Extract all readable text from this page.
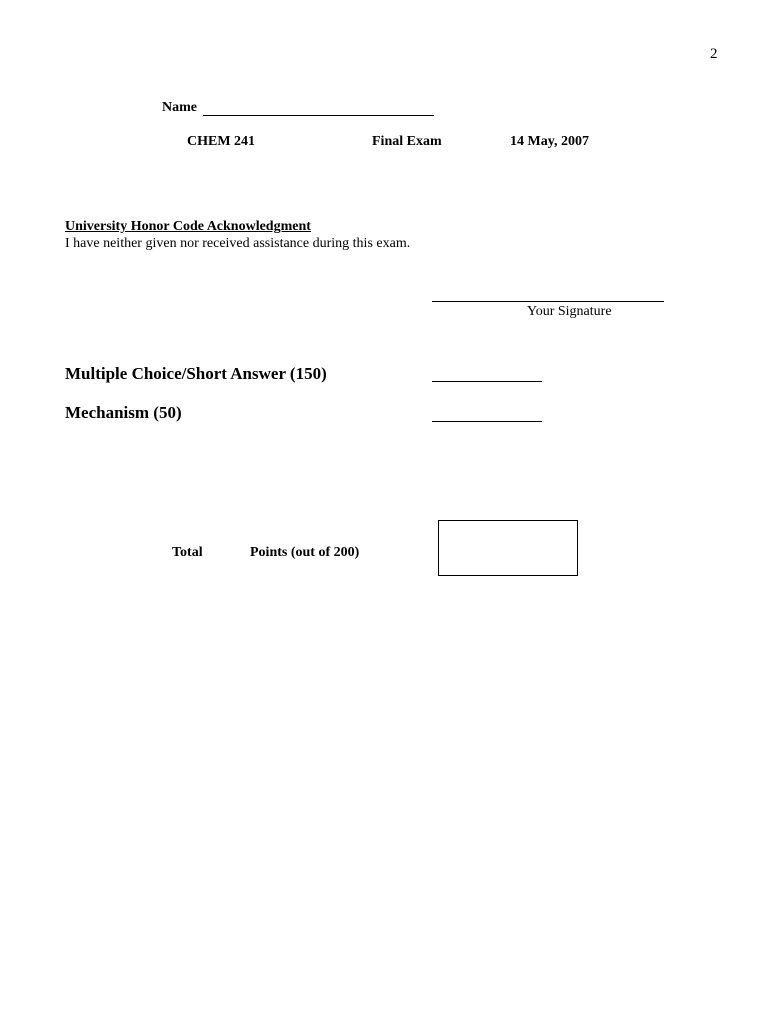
2
Name
CHEM 241	Final Exam	14 May, 2007
University Honor Code Acknowledgment
I have neither given nor received assistance during this exam.
Your Signature
Multiple Choice/Short Answer (150)
Mechanism (50)
Total	Points (out of 200)
